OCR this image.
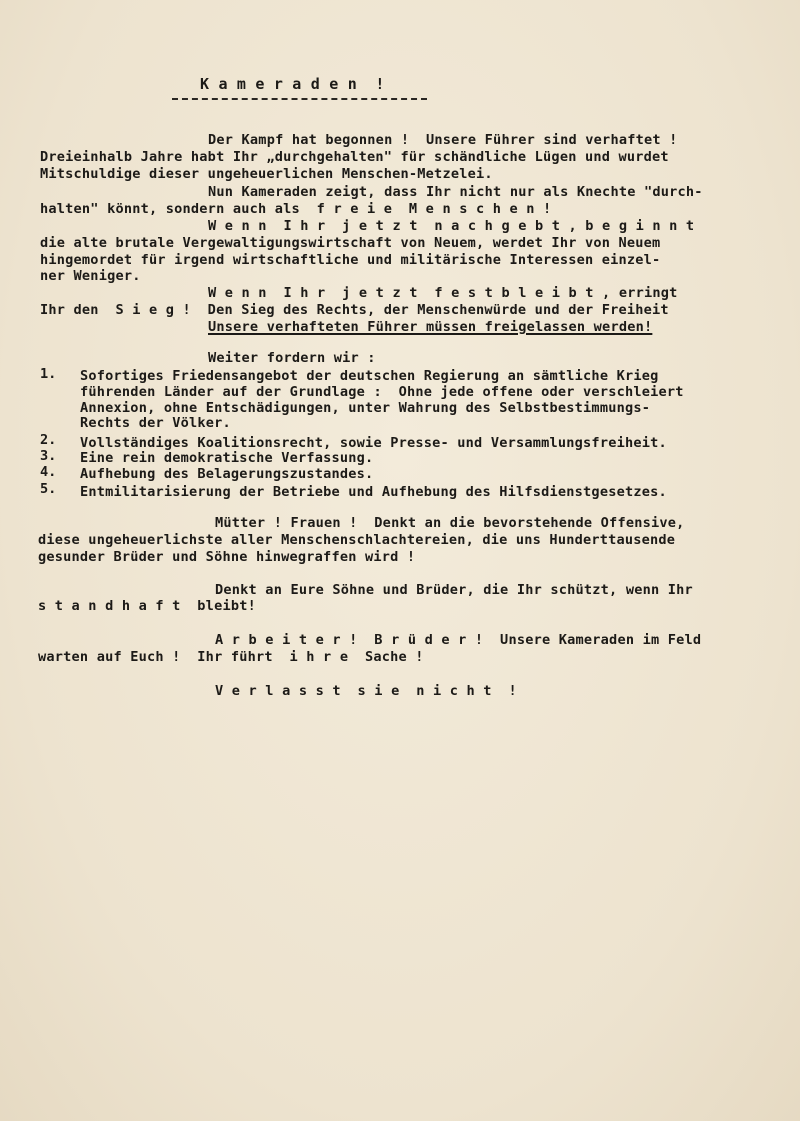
K a m e r a d e n  !
Der Kampf hat begonnen !  Unsere Führer sind verhaftet !
Dreieinhalb Jahre habt Ihr „durchgehalten" für schändliche Lügen und wurdet
Mitschuldige dieser ungeheuerlichen Menschen-Metzelei.
Nun Kameraden zeigt, dass Ihr nicht nur als Knechte "durch-
halten" könnt, sondern auch als  f r e i e  M e n s c h e n !
W e n n  I h r  j e t z t  n a c h g e b t , b e g i n n t
die alte brutale Vergewaltigungswirtschaft von Neuem, werdet Ihr von Neuem
hingemordet für irgend wirtschaftliche und militärische Interessen einzel-
ner Weniger.
W e n n  I h r  j e t z t  f e s t b l e i b t , erringt
Ihr den  S i e g !  Den Sieg des Rechts, der Menschenwürde und der Freiheit
Unsere verhafteten Führer müssen freigelassen werden!
Weiter fordern wir :
1. Sofortiges Friedensangebot der deutschen Regierung an sämtliche Krieg
führenden Länder auf der Grundlage :  Ohne jede offene oder verschleiert
Annexion, ohne Entschädigungen, unter Wahrung des Selbstbestimmungs-
Rechts der Völker.
2. Vollständiges Koalitionsrecht, sowie Presse- und Versammlungsfreiheit.
3. Eine rein demokratische Verfassung.
4. Aufhebung des Belagerungszustandes.
5. Entmilitarisierung der Betriebe und Aufhebung des Hilfsdienstgesetzes.
Mütter ! Frauen !  Denkt an die bevorstehende Offensive,
diese ungeheuerlichste aller Menschenschlachtereien, die uns Hunderttausende
gesunder Brüder und Söhne hinwegraffen wird !
Denkt an Eure Söhne und Brüder, die Ihr schützt, wenn Ihr
s t a n d h a f t  bleibt!
A r b e i t e r !  B r ü d e r !  Unsere Kameraden im Feld
warten auf Euch !  Ihr führt  i h r e  Sache !
V e r l a s s t  s i e  n i c h t  !
